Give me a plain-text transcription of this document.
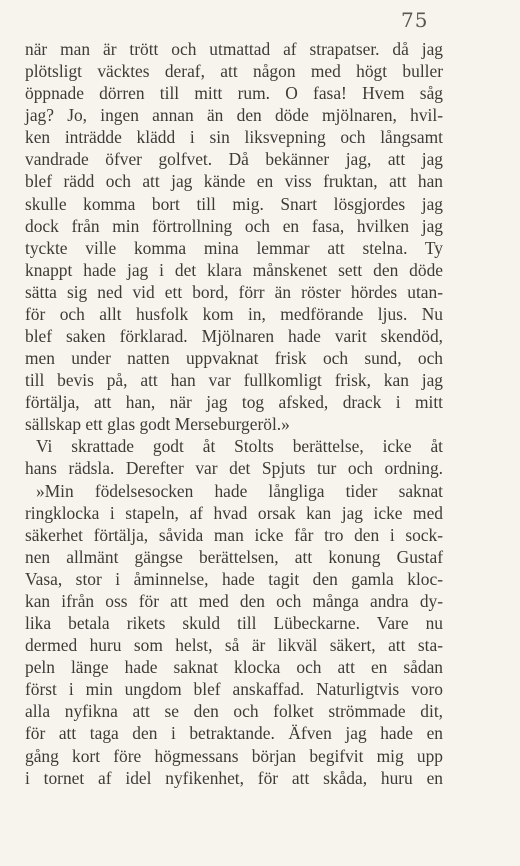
75
när man är trött och utmattad af strapatser. då jag
plötsligt väcktes deraf, att någon med högt buller
öppnade dörren till mitt rum. O fasa! Hvem såg
jag? Jo, ingen annan än den döde mjölnaren, hvil-
ken inträdde klädd i sin liksvepning och långsamt
vandrade öfver golfvet. Då bekänner jag, att jag
blef rädd och att jag kände en viss fruktan, att han
skulle komma bort till mig. Snart lösgjordes jag
dock från min förtrollning och en fasa, hvilken jag
tyckte ville komma mina lemmar att stelna. Ty
knappt hade jag i det klara månskenet sett den döde
sätta sig ned vid ett bord, förr än röster hördes utan-
för och allt husfolk kom in, medförande ljus. Nu
blef saken förklarad. Mjölnaren hade varit skendöd,
men under natten uppvaknat frisk och sund, och
till bevis på, att han var fullkomligt frisk, kan jag
förtälja, att han, när jag tog afsked, drack i mitt
sällskap ett glas godt Merseburgeröl.»
Vi skrattade godt åt Stolts berättelse, icke åt
hans rädsla. Derefter var det Spjuts tur och ordning.
»Min födelsesocken hade långliga tider saknat
ringklocka i stapeln, af hvad orsak kan jag icke med
säkerhet förtälja, såvida man icke får tro den i sock-
nen allmänt gängse berättelsen, att konung Gustaf
Vasa, stor i åminnelse, hade tagit den gamla kloc-
kan ifrån oss för att med den och många andra dy-
lika betala rikets skuld till Lübeckarne. Vare nu
dermed huru som helst, så är likväl säkert, att sta-
peln länge hade saknat klocka och att en sådan
först i min ungdom blef anskaffad. Naturligtvis voro
alla nyfikna att se den och folket strömmade dit,
för att taga den i betraktande. Äfven jag hade en
gång kort före högmessans början begifvit mig upp
i tornet af idel nyfikenhet, för att skåda, huru en
